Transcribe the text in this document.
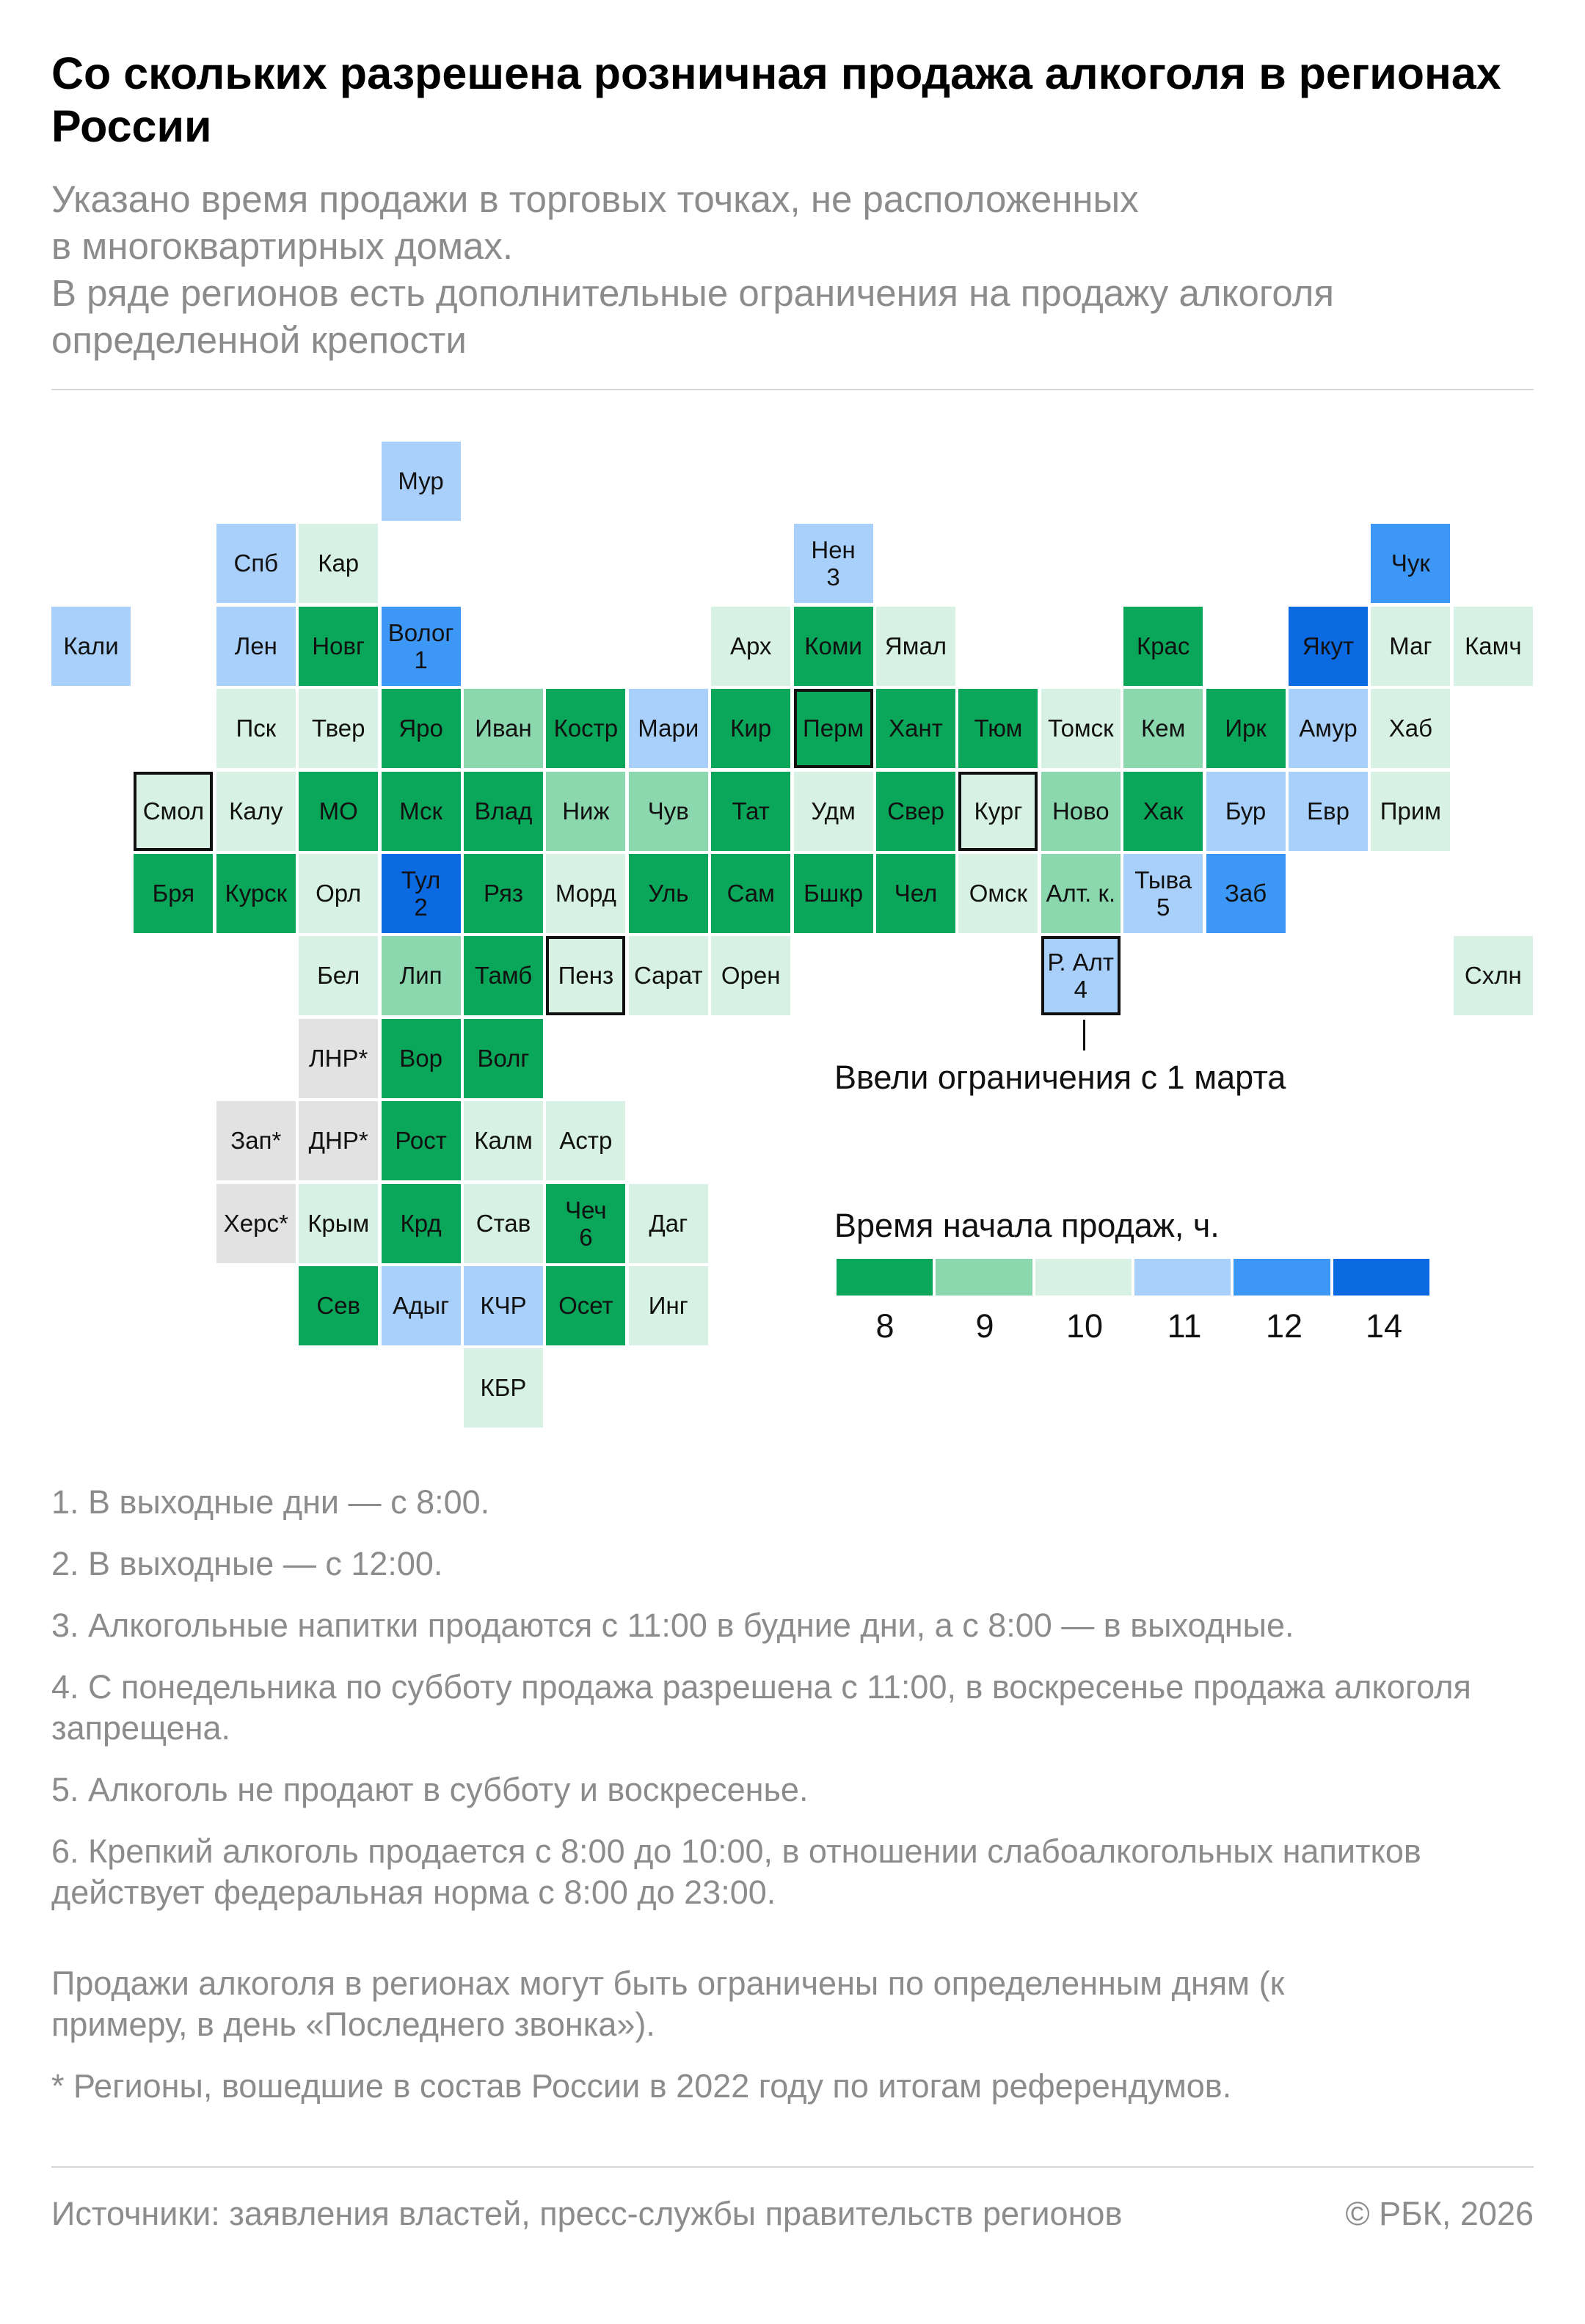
Со скольких разрешена розничная продажа алкоголя в регионах России
Указано время продажи в торговых точках, не расположенных
в многоквартирных домах.
В ряде регионов есть дополнительные ограничения на продажу алкоголя
определенной крепости
Мур
Спб Кар	Нен
3
Чук
Кали	Лен Новг Волог
1
Арх Коми Ямал	Крас	Якут Маг Камч
Пск Твер Яро Иван Костр Мари Кир Перм Хант Тюм Томск Кем Ирк Амур Хаб
Смол Калу МО Мск Влад Ниж Чув Тат Удм Свер Кург Ново Хак Бур Евр Прим
Бря Курск Орл Тул
2
Ряз Морд Уль Сам Бшкр Чел Омск Алт. к. Тыва
5
Заб
Бел Лип Тамб Пенз Сарат Орен	Р. Алт
4
Схлн
ЛНР* Вор Волг
Зап* ДНР* Рост Калм Астр
Херс* Крым Крд Став Чеч
6
Даг
Сев Адыг КЧР Осет Инг
КБР
Ввели ограничения с 1 марта
Время начала продаж, ч.
8	9	10	11	12	14
1. В выходные дни — с 8:00.
2. В выходные — с 12:00.
3. Алкогольные напитки продаются с 11:00 в будние дни, а с 8:00 — в выходные.
4. С понедельника по субботу продажа разрешена с 11:00, в воскресенье продажа алкоголя запрещена.
5. Алкоголь не продают в субботу и воскресенье.
6. Крепкий алкоголь продается с 8:00 до 10:00, в отношении слабоалкогольных напитков действует федеральная норма с 8:00 до 23:00.
Продажи алкоголя в регионах могут быть ограничены по определенным дням (к примеру, в день «Последнего звонка»).
* Регионы, вошедшие в состав России в 2022 году по итогам референдумов.
Источники: заявления властей, пресс-службы правительств регионов	© РБК, 2026
